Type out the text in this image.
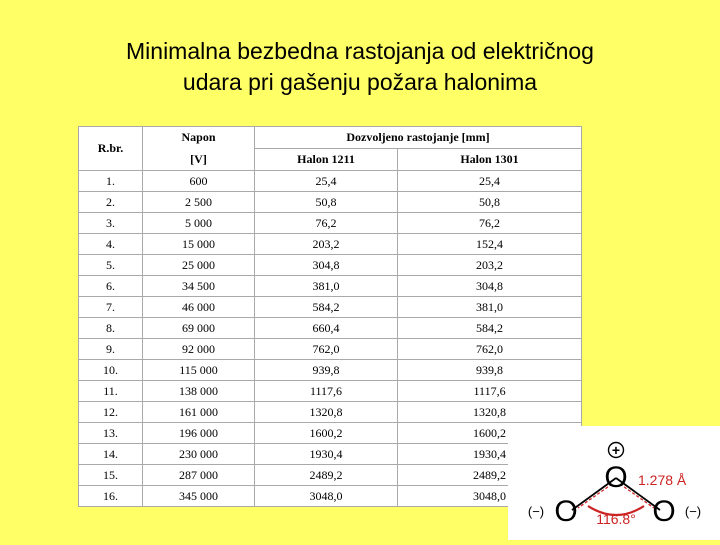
Minimalna bezbedna rastojanja od električnog
udara pri gašenju požara halonima
R.br.	Napon	Dozvoljeno rastojanje [mm]	
	[V]	Halon 1211	Halon 1301
1.	600	25,4	25,4
2.	2 500	50,8	50,8
3.	5 000	76,2	76,2
4.	15 000	203,2	152,4
5.	25 000	304,8	203,2
6.	34 500	381,0	304,8
7.	46 000	584,2	381,0
8.	69 000	660,4	584,2
9.	92 000	762,0	762,0
10.	115 000	939,8	939,8
11.	138 000	1117,6	1117,6
12.	161 000	1320,8	1320,8
13.	196 000	1600,2	1600,2
14.	230 000	1930,4	1930,4
15.	287 000	2489,2	2489,2
16.	345 000	3048,0	3048,0
+
O
O O
(−)	(−)
1.278 Å
116.8°
